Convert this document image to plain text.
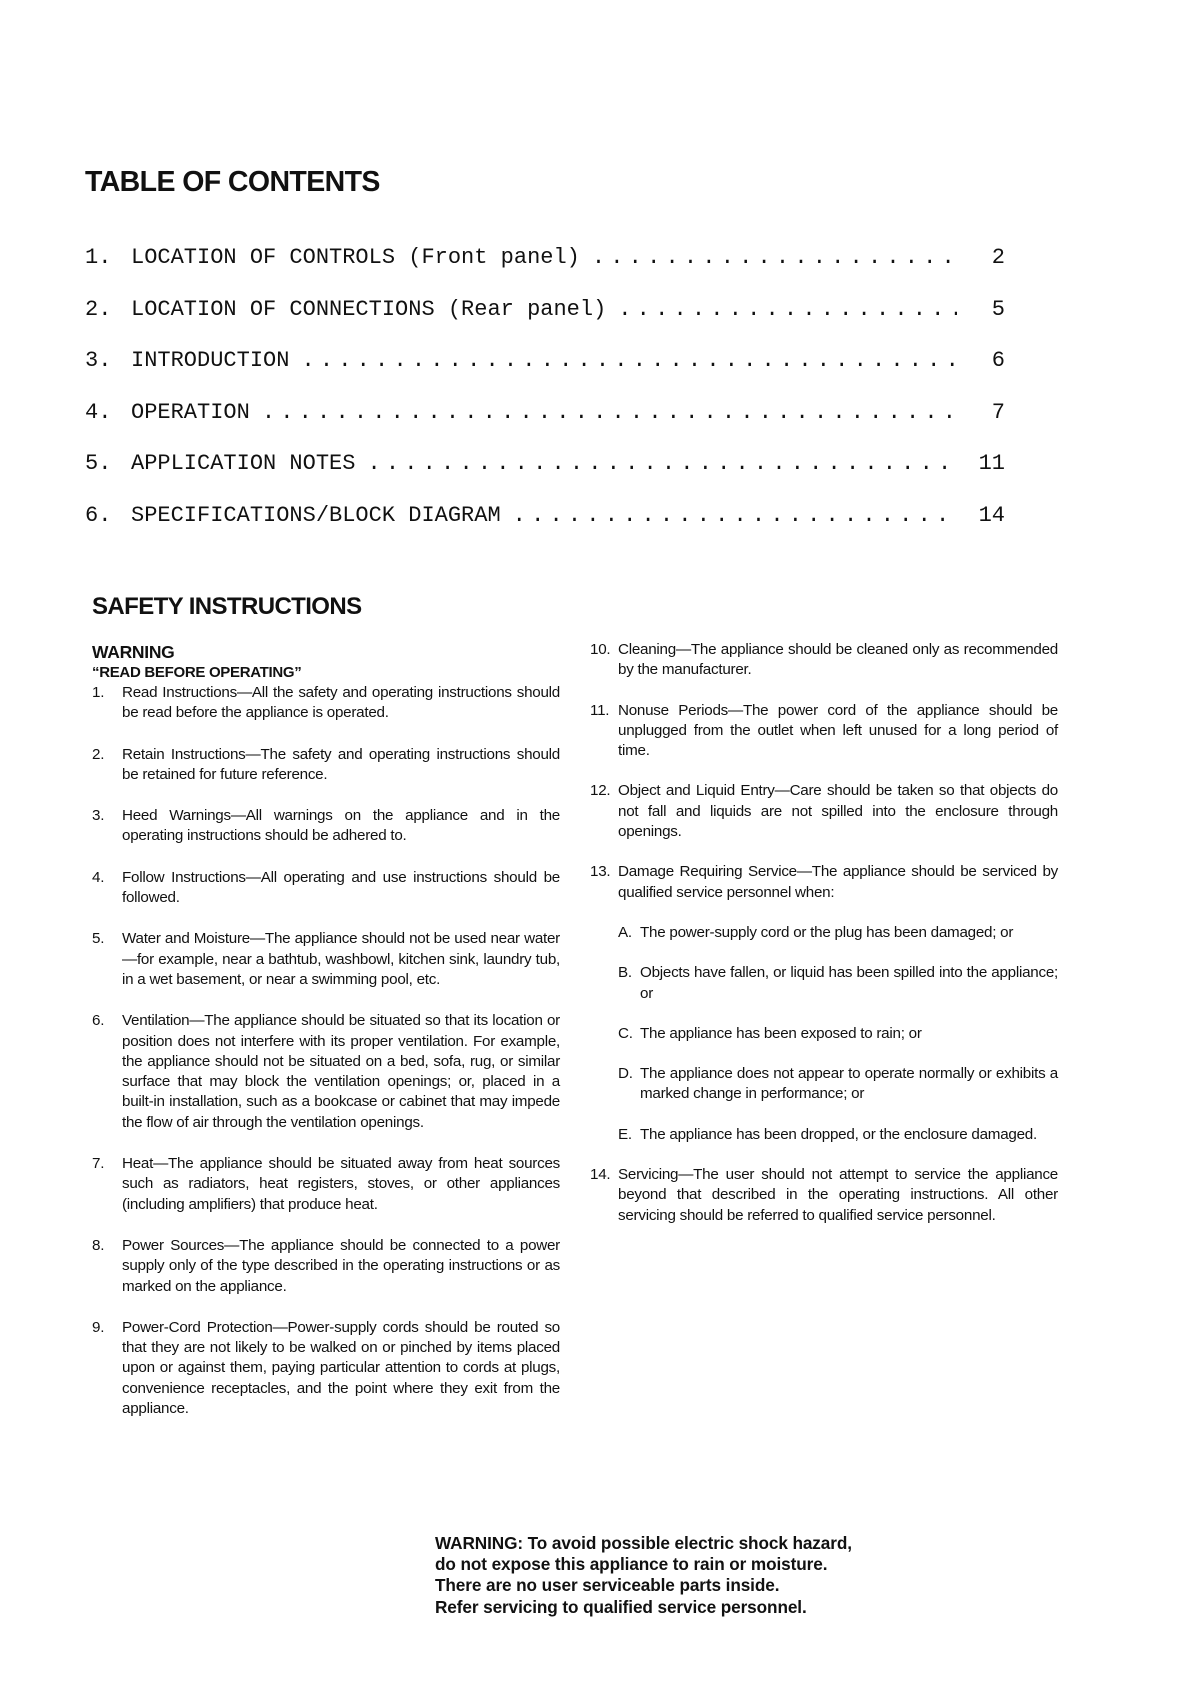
TABLE OF CONTENTS
1. LOCATION OF CONTROLS (Front panel) . . .	2
2. LOCATION OF CONNECTIONS (Rear panel) . . .	5
3. INTRODUCTION . . .	6
4. OPERATION . . .	7
5. APPLICATION NOTES . . .	11
6. SPECIFICATIONS/BLOCK DIAGRAM . . .	14
SAFETY INSTRUCTIONS
WARNING
“READ BEFORE OPERATING”
1.	Read Instructions—All the safety and operating instructions should be read before the appliance is operated.
2.	Retain Instructions—The safety and operating instructions should be retained for future reference.
3.	Heed Warnings—All warnings on the appliance and in the operating instructions should be adhered to.
4.	Follow Instructions—All operating and use instructions should be followed.
5.	Water and Moisture—The appliance should not be used near water—for example, near a bathtub, washbowl, kitchen sink, laundry tub, in a wet basement, or near a swimming pool, etc.
6.	Ventilation—The appliance should be situated so that its location or position does not interfere with its proper ventilation. For example, the appliance should not be situated on a bed, sofa, rug, or similar surface that may block the ventilation openings; or, placed in a built-in installation, such as a bookcase or cabinet that may impede the flow of air through the ventilation openings.
7.	Heat—The appliance should be situated away from heat sources such as radiators, heat registers, stoves, or other appliances (including amplifiers) that produce heat.
8.	Power Sources—The appliance should be connected to a power supply only of the type described in the operating instructions or as marked on the appliance.
9.	Power-Cord Protection—Power-supply cords should be routed so that they are not likely to be walked on or pinched by items placed upon or against them, paying particular attention to cords at plugs, convenience receptacles, and the point where they exit from the appliance.
10. Cleaning—The appliance should be cleaned only as recommended by the manufacturer.
11. Nonuse Periods—The power cord of the appliance should be unplugged from the outlet when left unused for a long period of time.
12. Object and Liquid Entry—Care should be taken so that objects do not fall and liquids are not spilled into the enclosure through openings.
13. Damage Requiring Service—The appliance should be serviced by qualified service personnel when:
A. The power-supply cord or the plug has been damaged; or
B. Objects have fallen, or liquid has been spilled into the appliance; or
C. The appliance has been exposed to rain; or
D. The appliance does not appear to operate normally or exhibits a marked change in performance; or
E. The appliance has been dropped, or the enclosure damaged.
14. Servicing—The user should not attempt to service the appliance beyond that described in the operating instructions. All other servicing should be referred to qualified service personnel.
WARNING: To avoid possible electric shock hazard,
do not expose this appliance to rain or moisture.
There are no user serviceable parts inside.
Refer servicing to qualified service personnel.
